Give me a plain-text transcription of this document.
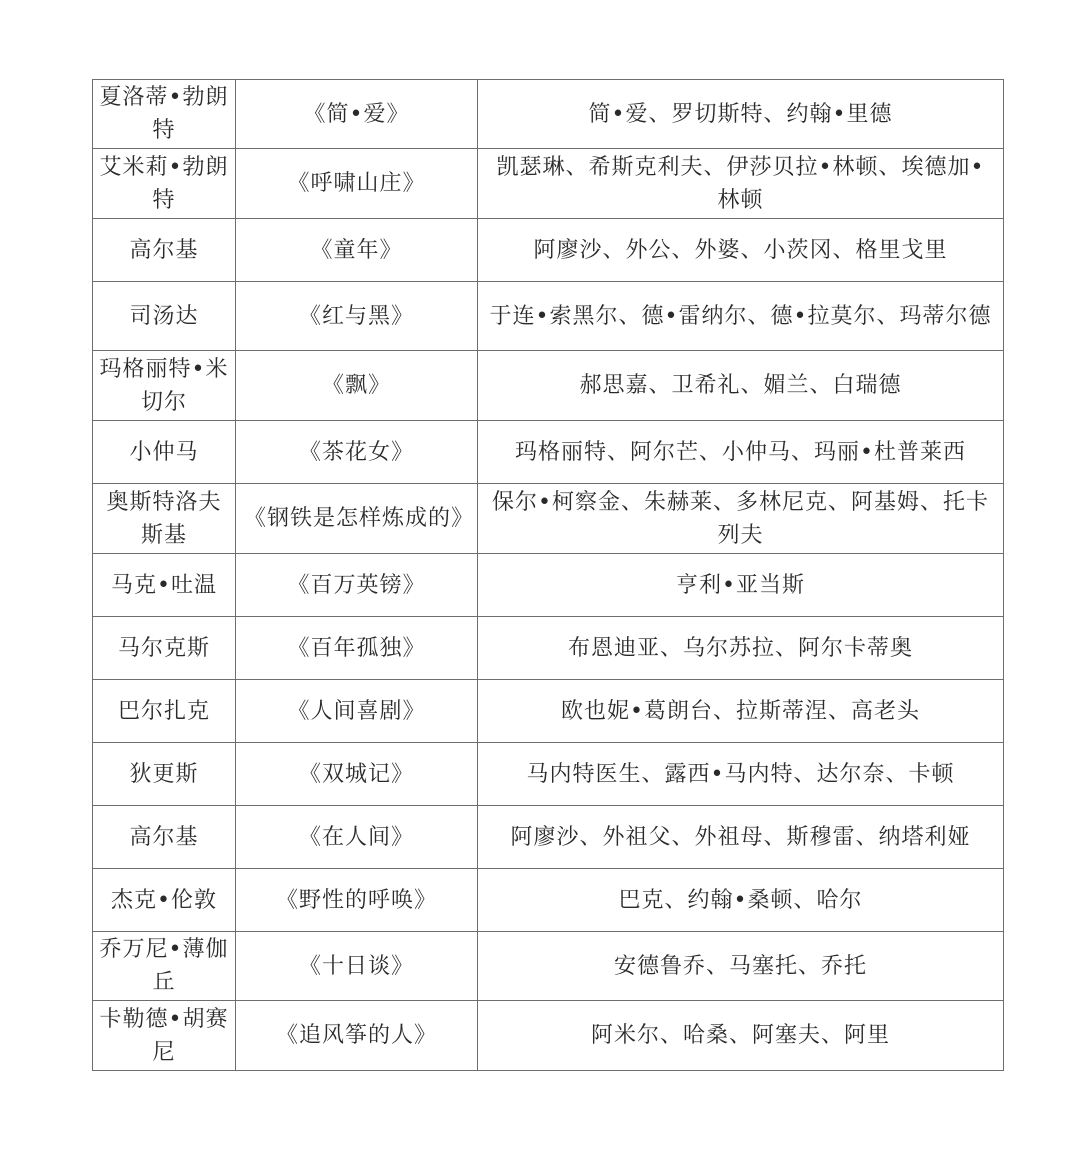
夏洛蒂•勃朗特	《简•爱》	简•爱、罗切斯特、约翰•里德
艾米莉•勃朗特	《呼啸山庄》	凯瑟琳、希斯克利夫、伊莎贝拉•林顿、埃德加•林顿
高尔基	《童年》	阿廖沙、外公、外婆、小茨冈、格里戈里
司汤达	《红与黑》	于连•索黑尔、德•雷纳尔、德•拉莫尔、玛蒂尔德
玛格丽特•米切尔	《飘》	郝思嘉、卫希礼、媚兰、白瑞德
小仲马	《茶花女》	玛格丽特、阿尔芒、小仲马、玛丽•杜普莱西
奥斯特洛夫斯基	《钢铁是怎样炼成的》	保尔•柯察金、朱赫莱、多林尼克、阿基姆、托卡列夫
马克•吐温	《百万英镑》	亨利•亚当斯
马尔克斯	《百年孤独》	布恩迪亚、乌尔苏拉、阿尔卡蒂奥
巴尔扎克	《人间喜剧》	欧也妮•葛朗台、拉斯蒂涅、高老头
狄更斯	《双城记》	马内特医生、露西•马内特、达尔奈、卡顿
高尔基	《在人间》	阿廖沙、外祖父、外祖母、斯穆雷、纳塔利娅
杰克•伦敦	《野性的呼唤》	巴克、约翰•桑顿、哈尔
乔万尼•薄伽丘	《十日谈》	安德鲁乔、马塞托、乔托
卡勒德•胡赛尼	《追风筝的人》	阿米尔、哈桑、阿塞夫、阿里
